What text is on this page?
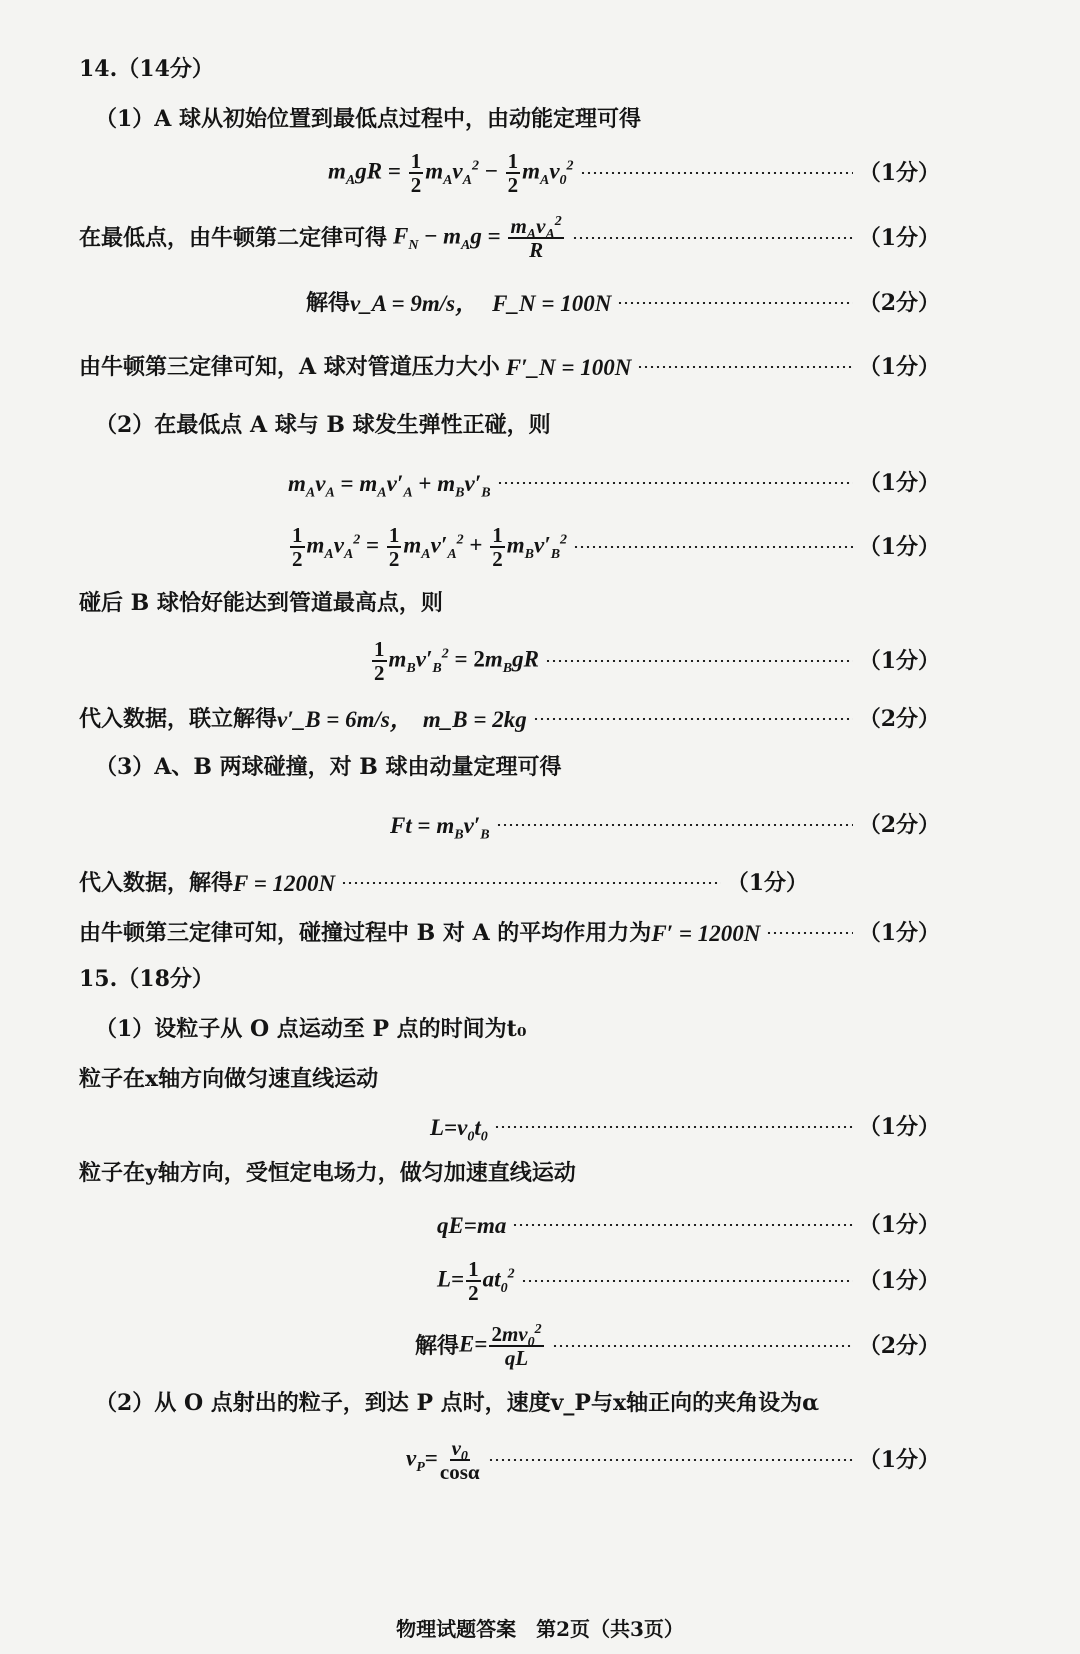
14.（14分）
（1）A 球从初始位置到最低点过程中，由动能定理可得
$m_AgR = \frac{1}{2} m_Av_A^2 - \frac{1}{2} m_Av_0^2$	（1分）
在最低点，由牛顿第二定律可得 $F_N - m_Ag = \frac{m_Av_A^2}{R}$	（1分）
解得 v_A = 9m/s， F_N = 100N	（2分）
由牛顿第三定律可知，A 球对管道压力大小 F′_N = 100N	（1分）
（2）在最低点 A 球与 B 球发生弹性正碰，则
$m_Av_A = m_Av'_A + m_Bv'_B$	（1分）
$\frac{1}{2} m_Av_A^2 = \frac{1}{2} m_Av'_A^2 + \frac{1}{2} m_Bv'_B^2$	（1分）
碰后 B 球恰好能达到管道最高点，则
$\frac{1}{2} m_Bv'_B^2 = 2m_BgR$	（1分）
代入数据，联立解得 v′_B = 6m/s， m_B = 2kg	（2分）
（3）A、B 两球碰撞，对 B 球由动量定理可得
$Ft = m_Bv'_B$	（2分）
代入数据，解得 F = 1200N	（1分）
由牛顿第三定律可知，碰撞过程中 B 对 A 的平均作用力为 F′ = 1200N	（1分）
15.（18分）
（1）设粒子从 O 点运动至 P 点的时间为t₀
粒子在x轴方向做匀速直线运动
$L=v_0t_0$	（1分）
粒子在y轴方向，受恒定电场力，做匀加速直线运动
qE=ma	（1分）
$L= \frac{1}{2} at_0^2$	（1分）
解得 $E= \frac{2mv_0^2}{qL}$	（2分）
（2）从 O 点射出的粒子，到达 P 点时，速度v_P与x轴正向的夹角设为α
$v_P= \frac{v_0}{\cos\alpha}$	（1分）
物理试题答案　第2页（共3页）
